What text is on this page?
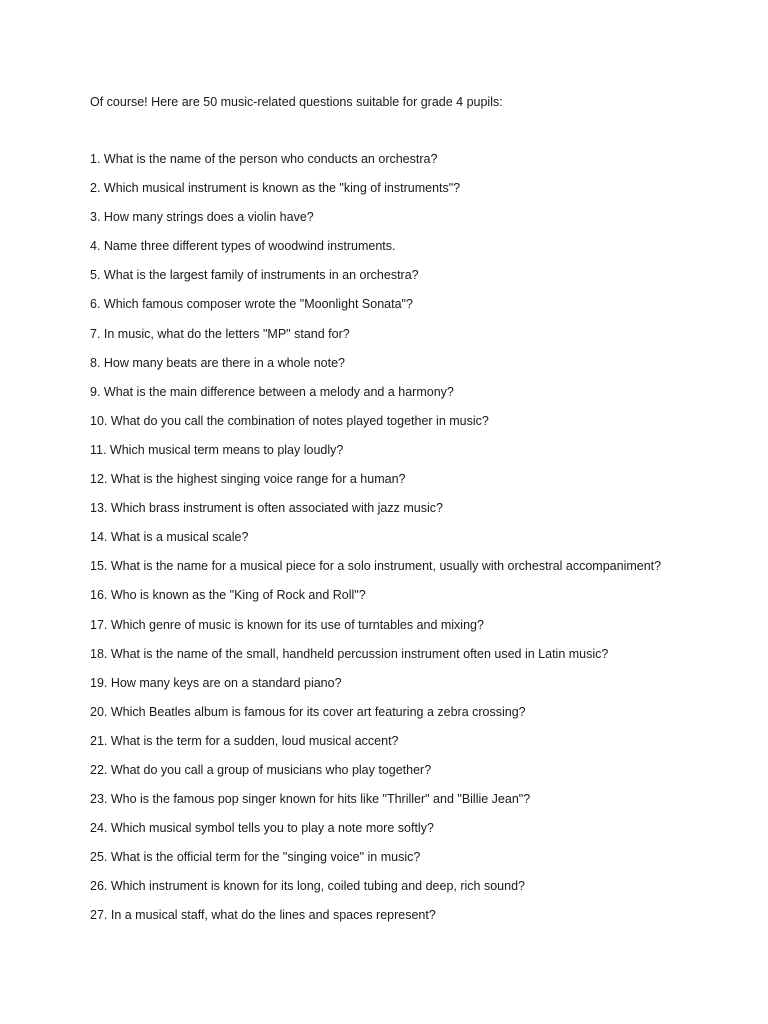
Of course! Here are 50 music-related questions suitable for grade 4 pupils:

1. What is the name of the person who conducts an orchestra?
2. Which musical instrument is known as the "king of instruments"?
3. How many strings does a violin have?
4. Name three different types of woodwind instruments.
5. What is the largest family of instruments in an orchestra?
6. Which famous composer wrote the "Moonlight Sonata"?
7. In music, what do the letters "MP" stand for?
8. How many beats are there in a whole note?
9. What is the main difference between a melody and a harmony?
10. What do you call the combination of notes played together in music?
11. Which musical term means to play loudly?
12. What is the highest singing voice range for a human?
13. Which brass instrument is often associated with jazz music?
14. What is a musical scale?
15. What is the name for a musical piece for a solo instrument, usually with orchestral accompaniment?
16. Who is known as the "King of Rock and Roll"?
17. Which genre of music is known for its use of turntables and mixing?
18. What is the name of the small, handheld percussion instrument often used in Latin music?
19. How many keys are on a standard piano?
20. Which Beatles album is famous for its cover art featuring a zebra crossing?
21. What is the term for a sudden, loud musical accent?
22. What do you call a group of musicians who play together?
23. Who is the famous pop singer known for hits like "Thriller" and "Billie Jean"?
24. Which musical symbol tells you to play a note more softly?
25. What is the official term for the "singing voice" in music?
26. Which instrument is known for its long, coiled tubing and deep, rich sound?
27. In a musical staff, what do the lines and spaces represent?
